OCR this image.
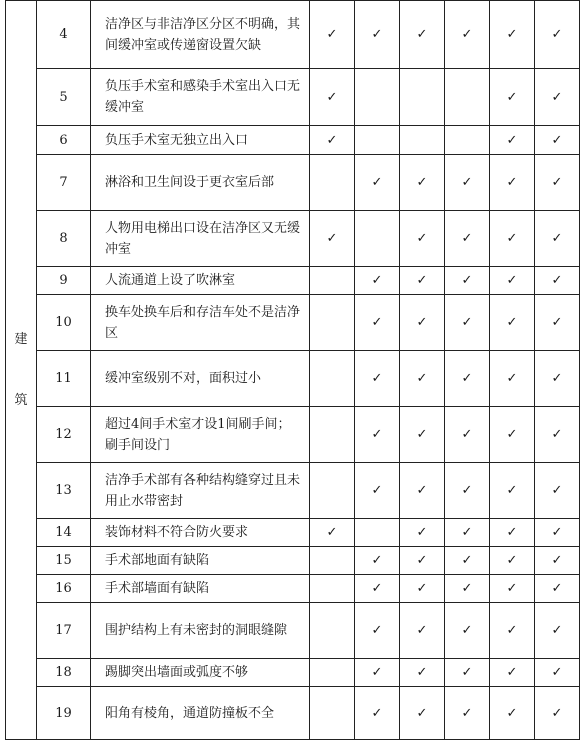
建
筑	4	洁净区与非洁净区分区不明确，其间缓冲室或传递窗设置欠缺	✓	✓	✓	✓	✓	✓
	5	负压手术室和感染手术室出入口无缓冲室	✓				✓	✓
	6	负压手术室无独立出入口	✓				✓	✓
	7	淋浴和卫生间设于更衣室后部		✓	✓	✓	✓	✓
	8	人物用电梯出口设在洁净区又无缓冲室	✓		✓	✓	✓	✓
	9	人流通道上设了吹淋室		✓	✓	✓	✓	✓
	10	换车处换车后和存洁车处不是洁净区		✓	✓	✓	✓	✓
	11	缓冲室级别不对，面积过小		✓	✓	✓	✓	✓
	12	超过4间手术室才设1间刷手间；刷手间设门		✓	✓	✓	✓	✓
	13	洁净手术部有各种结构缝穿过且未用止水带密封		✓	✓	✓	✓	✓
	14	装饰材料不符合防火要求	✓		✓	✓	✓	✓
	15	手术部地面有缺陷		✓	✓	✓	✓	✓
	16	手术部墙面有缺陷		✓	✓	✓	✓	✓
	17	围护结构上有未密封的洞眼缝隙		✓	✓	✓	✓	✓
	18	踢脚突出墙面或弧度不够		✓	✓	✓	✓	✓
	19	阳角有棱角，通道防撞板不全		✓	✓	✓	✓	✓
